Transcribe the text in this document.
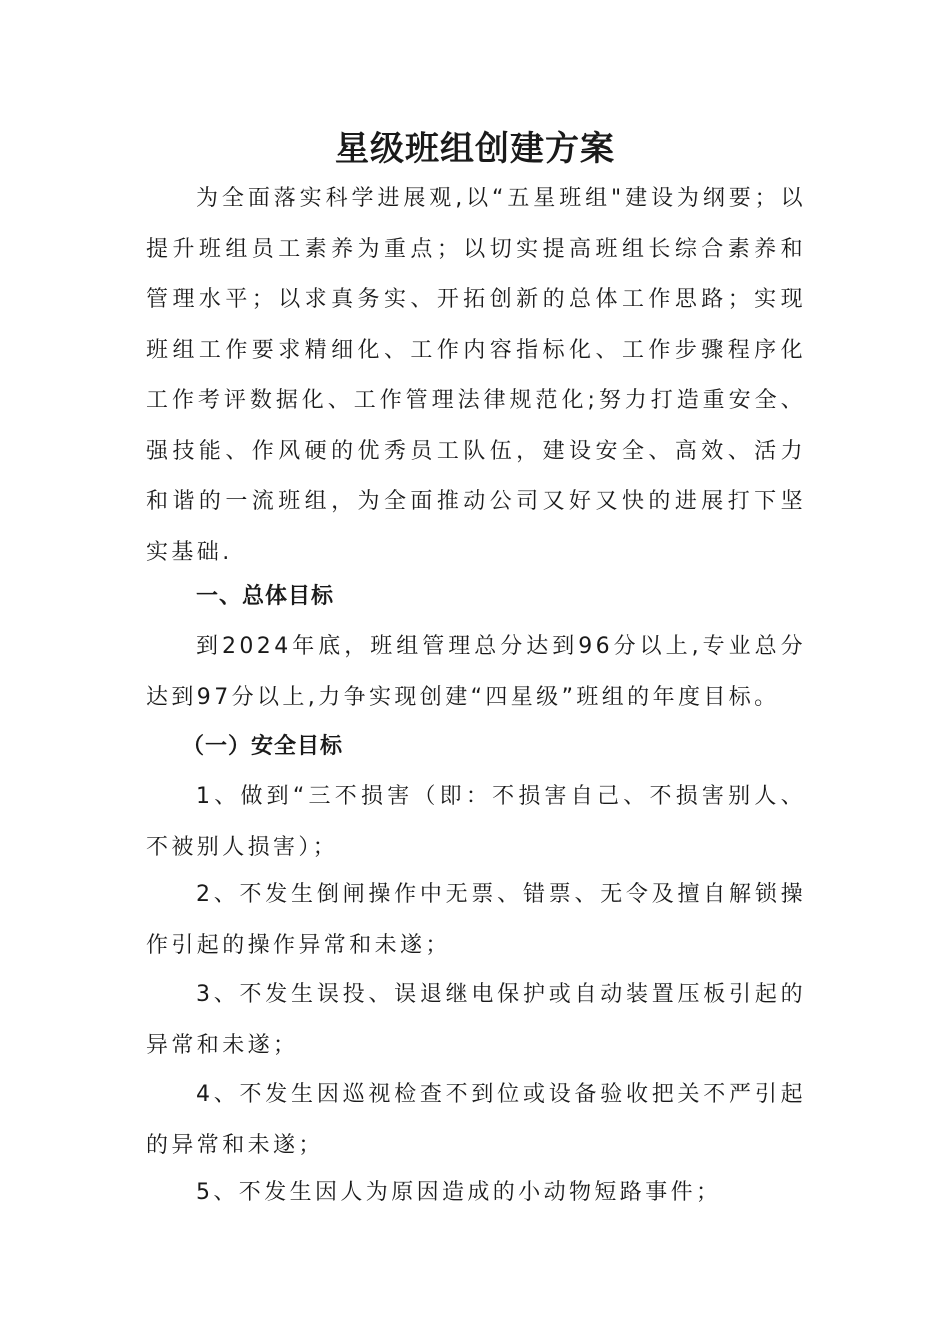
星级班组创建方案
为全面落实科学进展观,以“五星班组"建设为纲要；以提升班组员工素养为重点；以切实提高班组长综合素养和管理水平；以求真务实、开拓创新的总体工作思路；实现班组工作要求精细化、工作内容指标化、工作步骤程序化工作考评数据化、工作管理法律规范化;努力打造重安全、强技能、作风硬的优秀员工队伍，建设安全、高效、活力和谐的一流班组，为全面推动公司又好又快的进展打下坚实基础.
一、总体目标
到2024年底，班组管理总分达到96分以上,专业总分达到97分以上,力争实现创建“四星级”班组的年度目标。
（一）安全目标
1、做到“三不损害（即：不损害自己、不损害别人、不被别人损害）；
2、不发生倒闸操作中无票、错票、无令及擅自解锁操作引起的操作异常和未遂；
3、不发生误投、误退继电保护或自动装置压板引起的异常和未遂；
4、不发生因巡视检查不到位或设备验收把关不严引起的异常和未遂；
5、不发生因人为原因造成的小动物短路事件；
